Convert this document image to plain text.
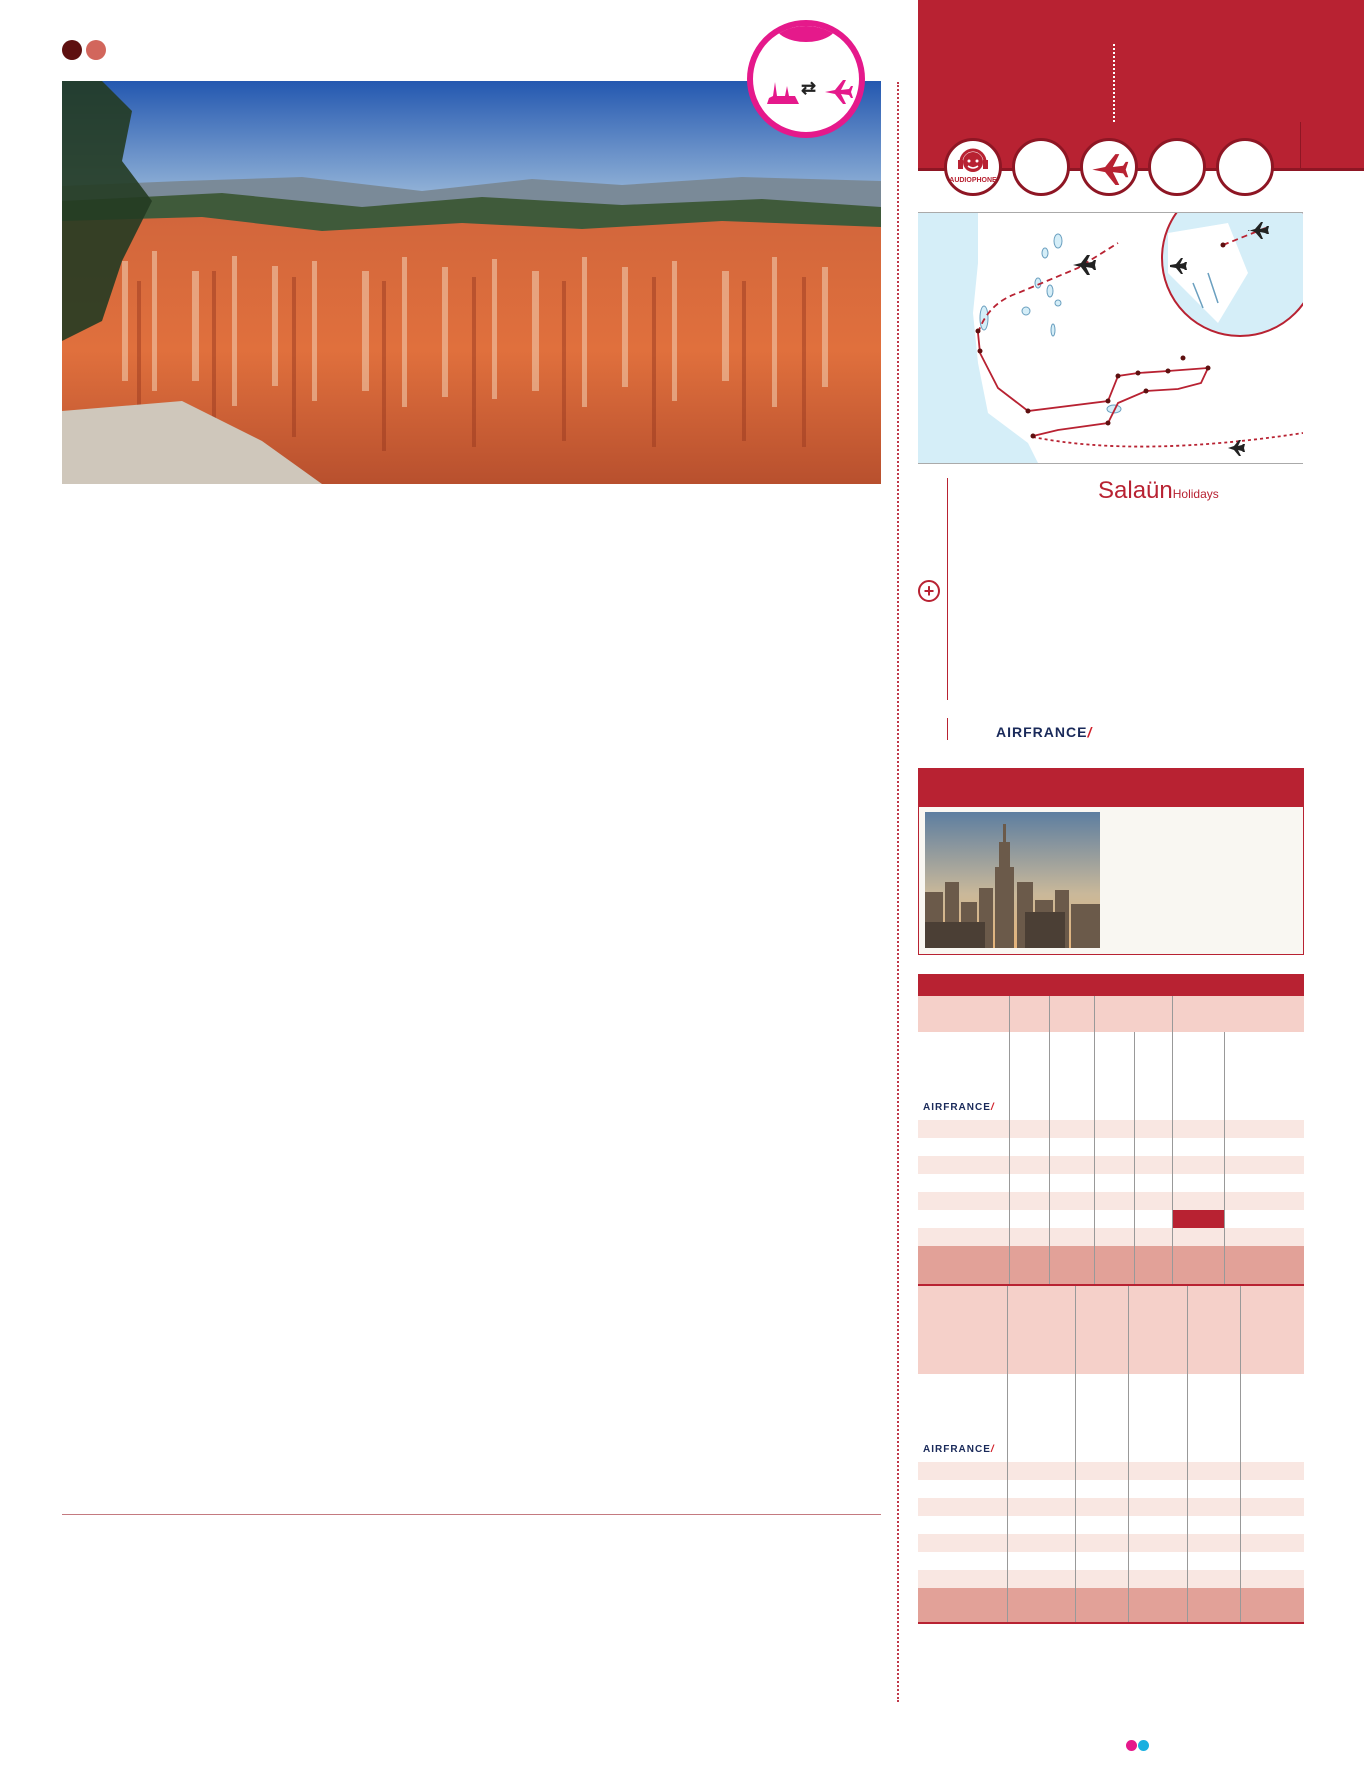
⇄
AUDIOPHONE
SalaünHolidays
+
AIRFRANCE/
AIRFRANCE/
AIRFRANCE/
